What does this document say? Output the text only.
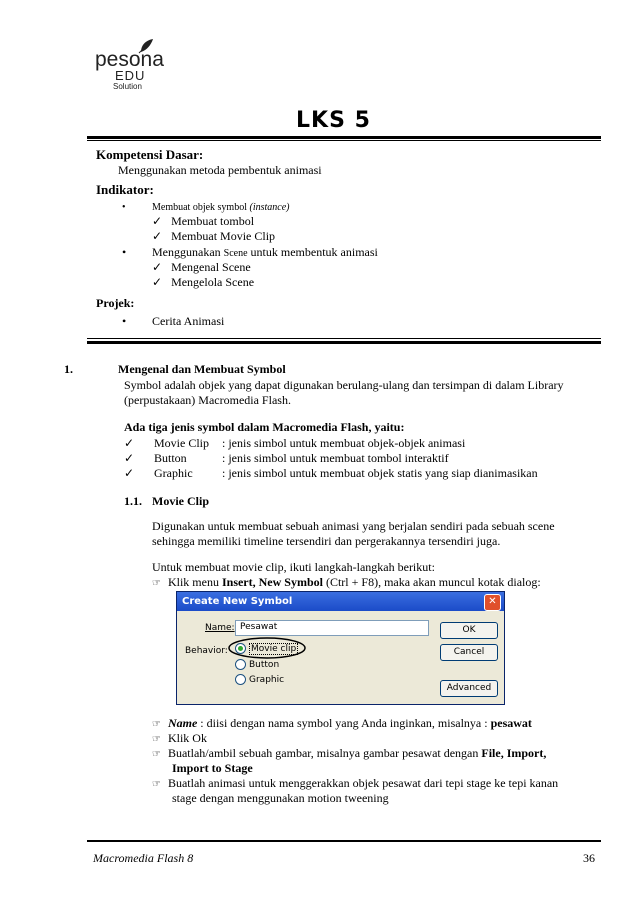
pesona
EDU
Solution
LKS 5
Kompetensi Dasar:
Menggunakan metoda pembentuk animasi
Indikator:
•	Membuat objek symbol (instance)
✓ Membuat tombol
✓ Membuat Movie Clip
• Menggunakan Scene untuk membentuk animasi
✓ Mengenal Scene
✓ Mengelola Scene
Projek:
• Cerita Animasi
1.	Mengenal dan Membuat Symbol
Symbol adalah objek yang dapat digunakan berulang-ulang dan tersimpan di dalam Library
(perpustakaan) Macromedia Flash.
Ada tiga jenis symbol dalam Macromedia Flash, yaitu:
✓
Movie Clip : jenis simbol untuk membuat objek-objek animasi
✓
Button	: jenis simbol untuk membuat tombol interaktif
✓
Graphic : jenis simbol untuk membuat objek statis yang siap dianimasikan
1.1. Movie Clip
Digunakan untuk membuat sebuah animasi yang berjalan sendiri pada sebuah scene
sehingga memiliki timeline tersendiri dan pergerakannya tersendiri juga.
Untuk membuat movie clip, ikuti langkah-langkah berikut:
☞ Klik menu Insert, New Symbol (Ctrl + F8), maka akan muncul kotak dialog:
Create New Symbol	✕
Name: Pesawat
Behavior:	Movie clip
Button
Graphic
OK
Cancel
Advanced
☞ Name : diisi dengan nama symbol yang Anda inginkan, misalnya : pesawat
☞ Klik Ok
☞ Buatlah/ambil sebuah gambar, misalnya gambar pesawat dengan File, Import,
Import to Stage
☞ Buatlah animasi untuk menggerakkan objek pesawat dari tepi stage ke tepi kanan
stage dengan menggunakan motion tweening
Macromedia Flash 8	36
